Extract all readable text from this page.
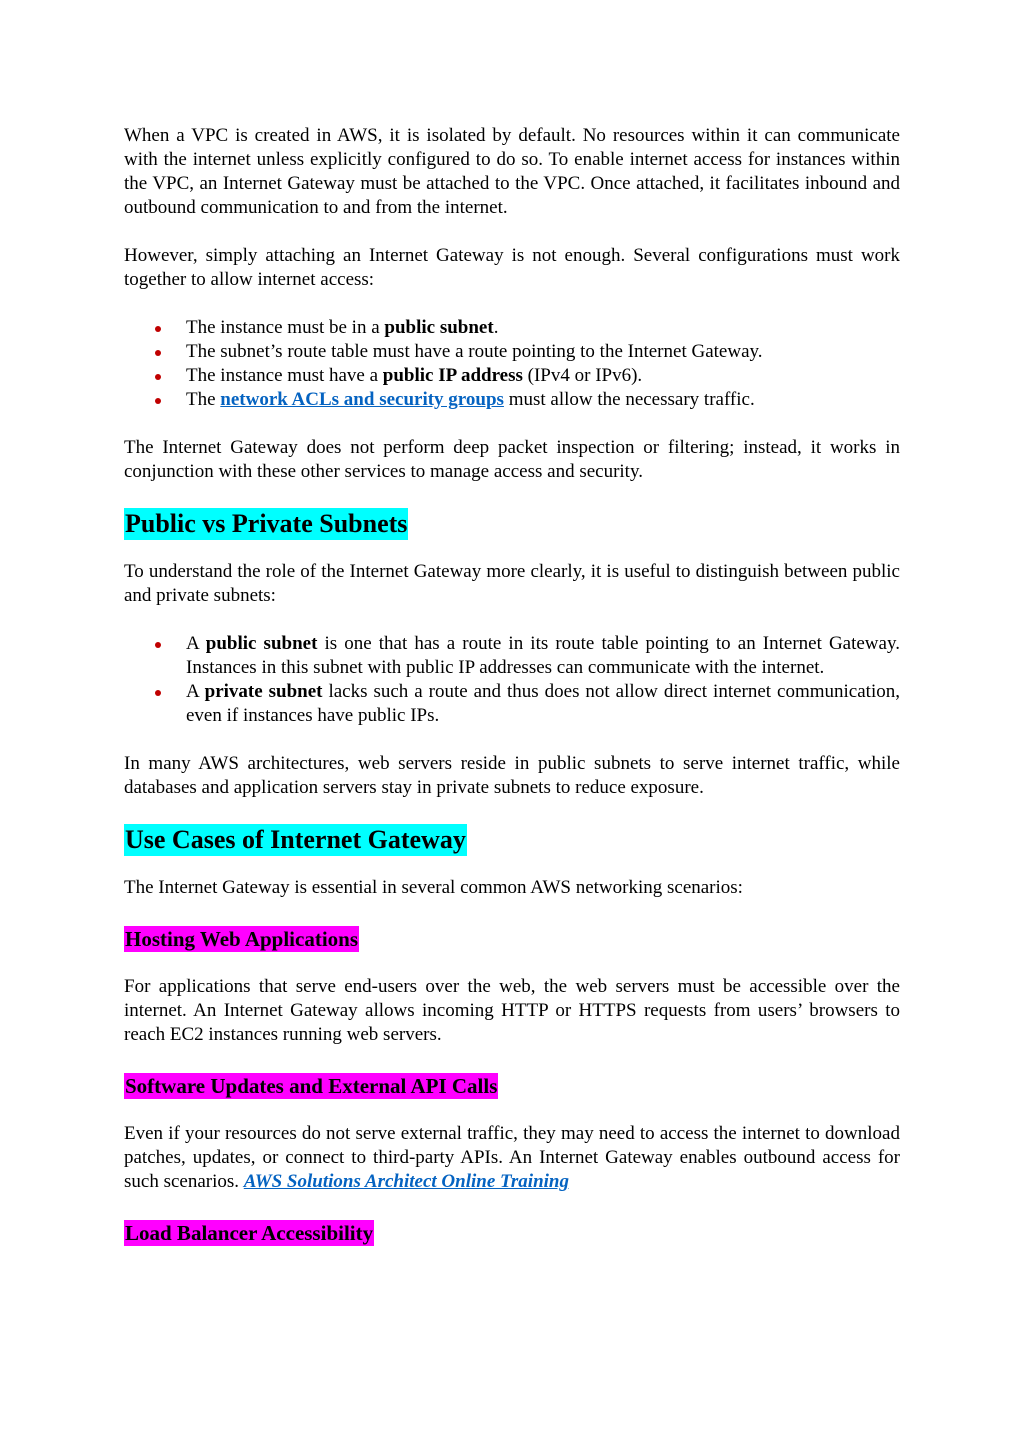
When a VPC is created in AWS, it is isolated by default. No resources within it can communicate with the internet unless explicitly configured to do so. To enable internet access for instances within the VPC, an Internet Gateway must be attached to the VPC. Once attached, it facilitates inbound and outbound communication to and from the internet.

However, simply attaching an Internet Gateway is not enough. Several configurations must work together to allow internet access:

The instance must be in a public subnet.
The subnet’s route table must have a route pointing to the Internet Gateway.
The instance must have a public IP address (IPv4 or IPv6).
The network ACLs and security groups must allow the necessary traffic.

The Internet Gateway does not perform deep packet inspection or filtering; instead, it works in conjunction with these other services to manage access and security.

Public vs Private Subnets

To understand the role of the Internet Gateway more clearly, it is useful to distinguish between public and private subnets:

A public subnet is one that has a route in its route table pointing to an Internet Gateway. Instances in this subnet with public IP addresses can communicate with the internet.
A private subnet lacks such a route and thus does not allow direct internet communication, even if instances have public IPs.

In many AWS architectures, web servers reside in public subnets to serve internet traffic, while databases and application servers stay in private subnets to reduce exposure.

Use Cases of Internet Gateway

The Internet Gateway is essential in several common AWS networking scenarios:

Hosting Web Applications

For applications that serve end-users over the web, the web servers must be accessible over the internet. An Internet Gateway allows incoming HTTP or HTTPS requests from users’ browsers to reach EC2 instances running web servers.

Software Updates and External API Calls

Even if your resources do not serve external traffic, they may need to access the internet to download patches, updates, or connect to third-party APIs. An Internet Gateway enables outbound access for such scenarios. AWS Solutions Architect Online Training

Load Balancer Accessibility
